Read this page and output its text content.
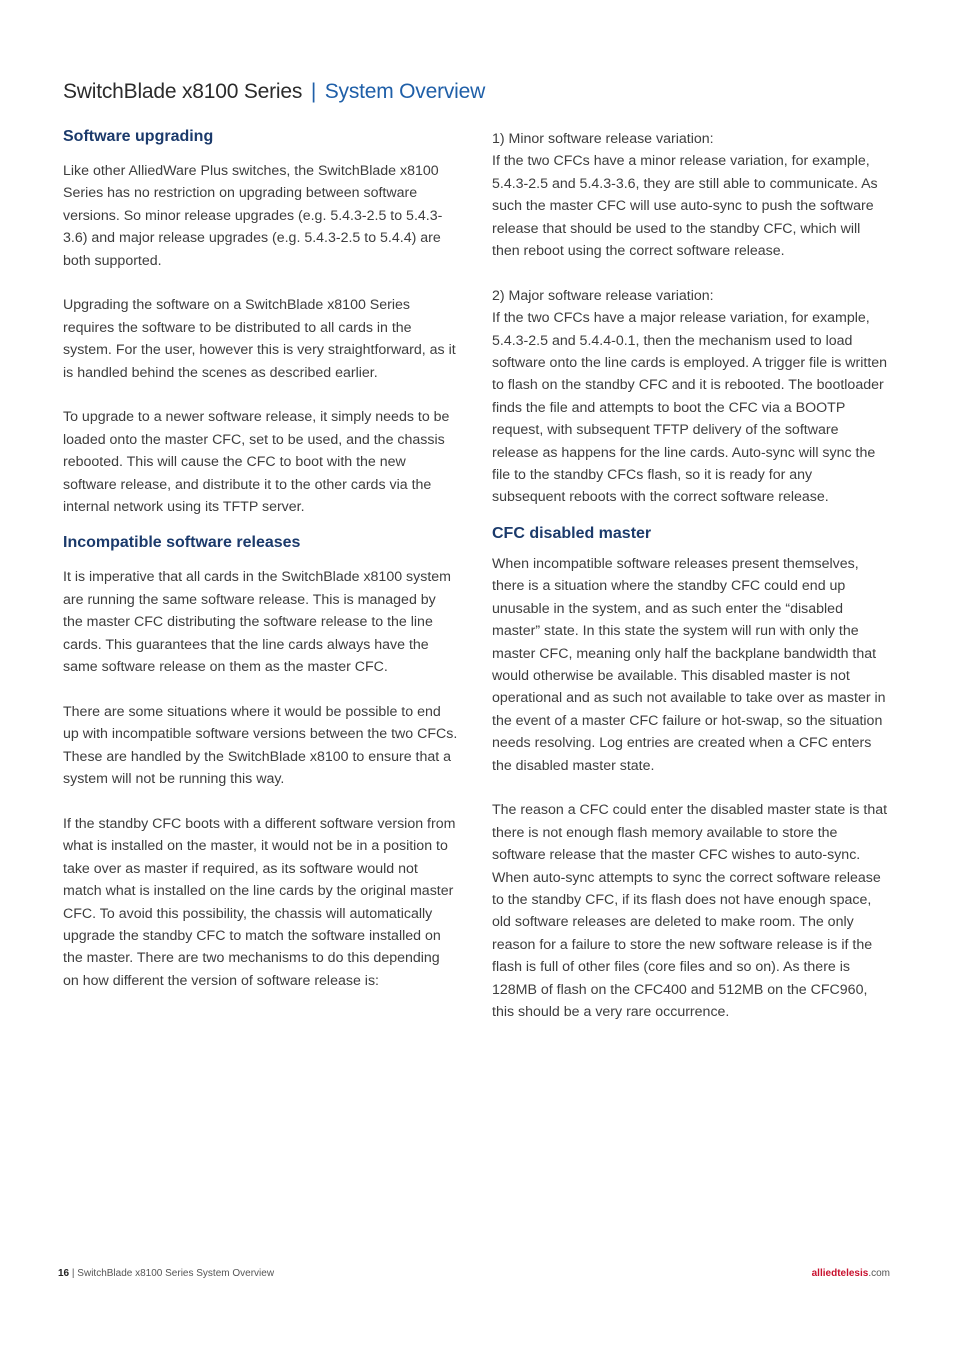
SwitchBlade x8100 Series | System Overview
Software upgrading

Like other AlliedWare Plus switches, the SwitchBlade x8100 Series has no restriction on upgrading between software versions. So minor release upgrades (e.g. 5.4.3-2.5 to 5.4.3-3.6) and major release upgrades (e.g. 5.4.3-2.5 to 5.4.4) are both supported.

Upgrading the software on a SwitchBlade x8100 Series requires the software to be distributed to all cards in the system. For the user, however this is very straightforward, as it is handled behind the scenes as described earlier.

To upgrade to a newer software release, it simply needs to be loaded onto the master CFC, set to be used, and the chassis rebooted. This will cause the CFC to boot with the new software release, and distribute it to the other cards via the internal network using its TFTP server.

Incompatible software releases

It is imperative that all cards in the SwitchBlade x8100 system are running the same software release. This is managed by the master CFC distributing the software release to the line cards. This guarantees that the line cards always have the same software release on them as the master CFC.

There are some situations where it would be possible to end up with incompatible software versions between the two CFCs. These are handled by the SwitchBlade x8100 to ensure that a system will not be running this way.

If the standby CFC boots with a different software version from what is installed on the master, it would not be in a position to take over as master if required, as its software would not match what is installed on the line cards by the original master CFC. To avoid this possibility, the chassis will automatically upgrade the standby CFC to match the software installed on the master. There are two mechanisms to do this depending on how different the version of software release is:

1) Minor software release variation:
If the two CFCs have a minor release variation, for example, 5.4.3-2.5 and 5.4.3-3.6, they are still able to communicate. As such the master CFC will use auto-sync to push the software release that should be used to the standby CFC, which will then reboot using the correct software release.

2) Major software release variation:
If the two CFCs have a major release variation, for example, 5.4.3-2.5 and 5.4.4-0.1, then the mechanism used to load software onto the line cards is employed. A trigger file is written to flash on the standby CFC and it is rebooted. The bootloader finds the file and attempts to boot the CFC via a BOOTP request, with subsequent TFTP delivery of the software release as happens for the line cards. Auto-sync will sync the file to the standby CFCs flash, so it is ready for any subsequent reboots with the correct software release.

CFC disabled master

When incompatible software releases present themselves, there is a situation where the standby CFC could end up unusable in the system, and as such enter the “disabled master” state. In this state the system will run with only the master CFC, meaning only half the backplane bandwidth that would otherwise be available. This disabled master is not operational and as such not available to take over as master in the event of a master CFC failure or hot-swap, so the situation needs resolving. Log entries are created when a CFC enters the disabled master state.

The reason a CFC could enter the disabled master state is that there is not enough flash memory available to store the software release that the master CFC wishes to auto-sync. When auto-sync attempts to sync the correct software release to the standby CFC, if its flash does not have enough space, old software releases are deleted to make room. The only reason for a failure to store the new software release is if the flash is full of other files (core files and so on). As there is 128MB of flash on the CFC400 and 512MB on the CFC960, this should be a very rare occurrence.

16 | SwitchBlade x8100 Series System Overview	alliedtelesis.com
